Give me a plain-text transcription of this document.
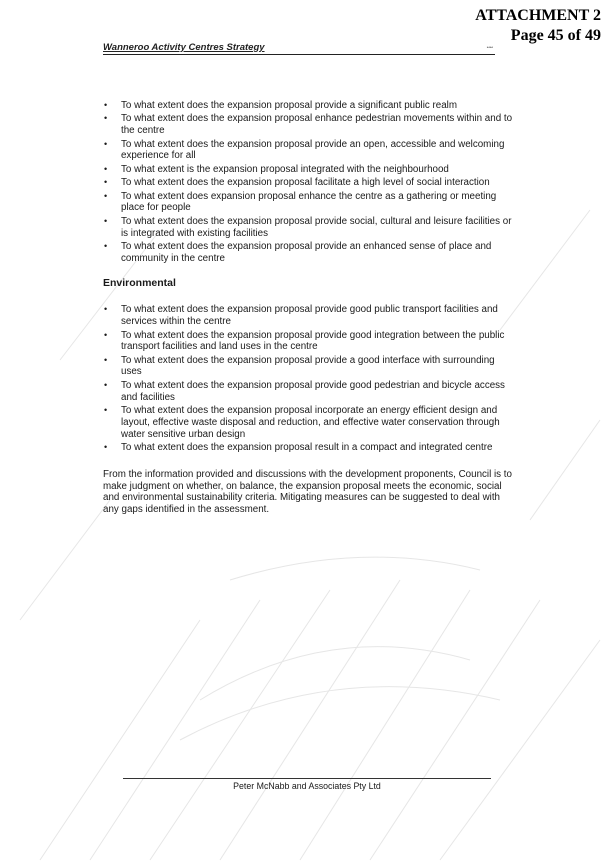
ATTACHMENT 2
Page 45 of 49
Wanneroo Activity Centres Strategy	****
• To what extent does the expansion proposal provide a significant public realm
• To what extent does the expansion proposal enhance pedestrian movements within and to the centre
• To what extent does the expansion proposal provide an open, accessible and welcoming experience for all
• To what extent is the expansion proposal integrated with the neighbourhood
• To what extent does the expansion proposal facilitate a high level of social interaction
• To what extent does expansion proposal enhance the centre as a gathering or meeting place for people
• To what extent does the expansion proposal provide social, cultural and leisure facilities or is integrated with existing facilities
• To what extent does the expansion proposal provide an enhanced sense of place and community in the centre
Environmental
• To what extent does the expansion proposal provide good public transport facilities and services within the centre
• To what extent does the expansion proposal provide good integration between the public transport facilities and land uses in the centre
• To what extent does the expansion proposal provide a good interface with surrounding uses
• To what extent does the expansion proposal provide good pedestrian and bicycle access and facilities
• To what extent does the expansion proposal incorporate an energy efficient design and layout, effective waste disposal and reduction, and effective water conservation through water sensitive urban design
• To what extent does the expansion proposal result in a compact and integrated centre

From the information provided and discussions with the development proponents, Council is to make judgment on whether, on balance, the expansion proposal meets the economic, social and environmental sustainability criteria. Mitigating measures can be suggested to deal with any gaps identified in the assessment.

Peter McNabb and Associates Pty Ltd
